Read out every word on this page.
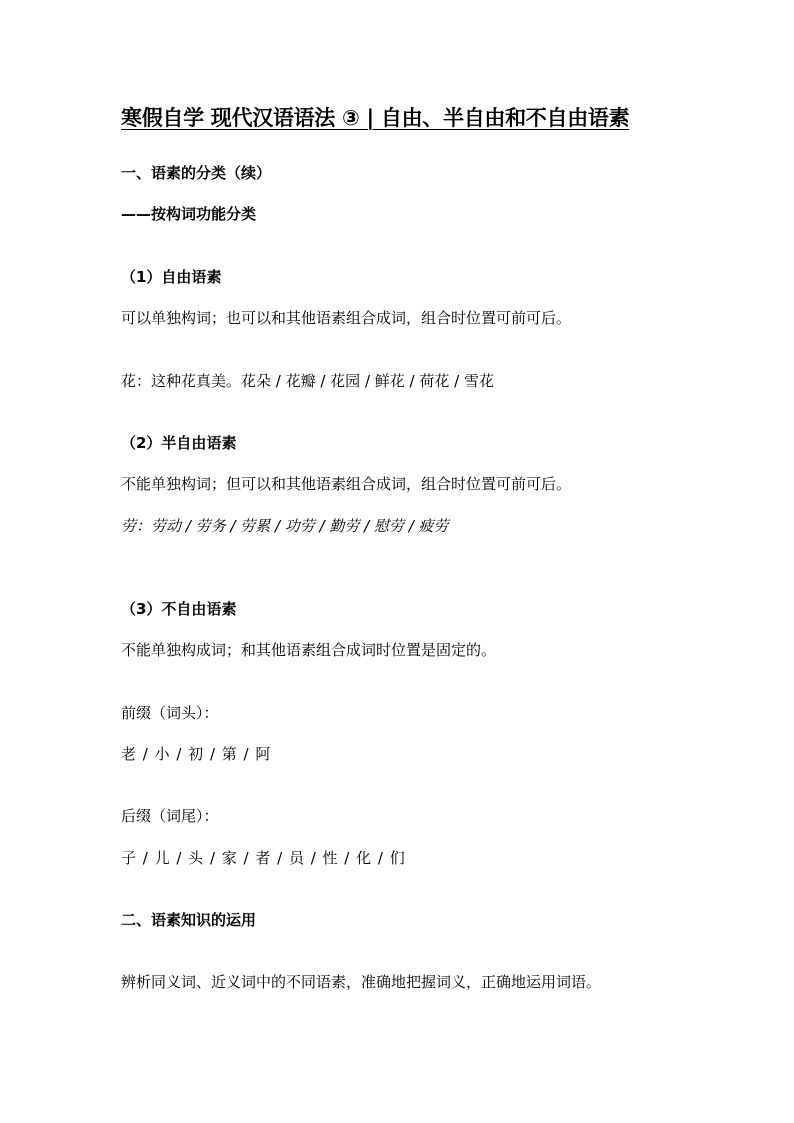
寒假自学 现代汉语语法 ③ | 自由、半自由和不自由语素
一、语素的分类（续）
——按构词功能分类
（1）自由语素
可以单独构词；也可以和其他语素组合成词，组合时位置可前可后。
花：这种花真美。花朵 / 花瓣 / 花园 / 鲜花 / 荷花 / 雪花
（2）半自由语素
不能单独构词；但可以和其他语素组合成词，组合时位置可前可后。
劳：劳动 / 劳务 / 劳累 / 功劳 / 勤劳 / 慰劳 / 疲劳
（3）不自由语素
不能单独构成词；和其他语素组合成词时位置是固定的。
前缀（词头）：
老 / 小 / 初 / 第 / 阿
后缀（词尾）：
子 / 儿 / 头 / 家 / 者 / 员 / 性 / 化 / 们
二、语素知识的运用
辨析同义词、近义词中的不同语素，准确地把握词义，正确地运用词语。
